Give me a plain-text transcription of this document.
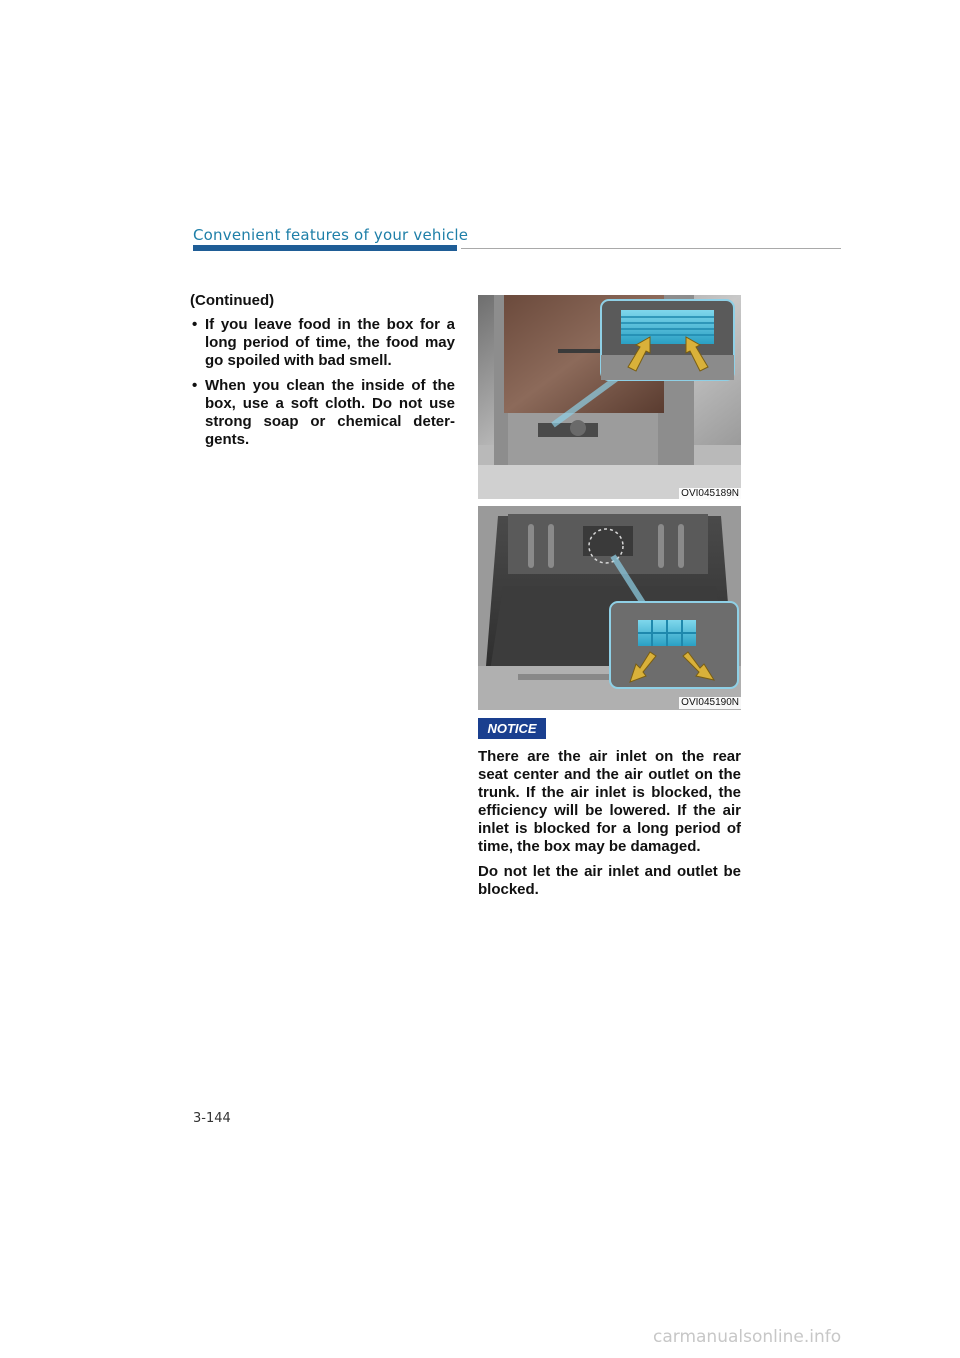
Convenient features of your vehicle

(Continued)

• If you leave food in the box for a long period of time, the food may go spoiled with bad smell.
• When you clean the inside of the box, use a soft cloth. Do not use strong soap or chemical deter-gents.
OVI045189N
OVI045190N
NOTICE

There are the air inlet on the rear seat center and the air outlet on the trunk. If the air inlet is blocked, the efficiency will be lowered. If the air inlet is blocked for a long period of time, the box may be damaged.

Do not let the air inlet and outlet be blocked.

3-144
carmanualsonline.info
